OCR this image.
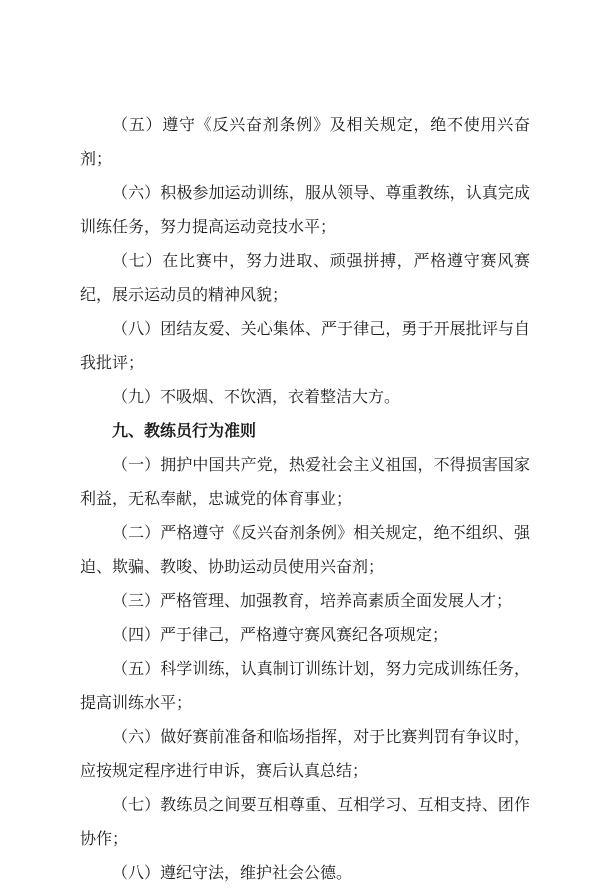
（五）遵守《反兴奋剂条例》及相关规定，绝不使用兴奋剂；

（六）积极参加运动训练，服从领导、尊重教练，认真完成训练任务，努力提高运动竞技水平；

（七）在比赛中，努力进取、顽强拼搏，严格遵守赛风赛纪，展示运动员的精神风貌；

（八）团结友爱、关心集体、严于律己，勇于开展批评与自我批评；

（九）不吸烟、不饮酒，衣着整洁大方。

九、教练员行为准则

（一）拥护中国共产党，热爱社会主义祖国，不得损害国家利益，无私奉献，忠诚党的体育事业；

（二）严格遵守《反兴奋剂条例》相关规定，绝不组织、强迫、欺骗、教唆、协助运动员使用兴奋剂；

（三）严格管理、加强教育，培养高素质全面发展人才；

（四）严于律己，严格遵守赛风赛纪各项规定；

（五）科学训练，认真制订训练计划，努力完成训练任务，提高训练水平；

（六）做好赛前准备和临场指挥，对于比赛判罚有争议时，应按规定程序进行申诉，赛后认真总结；

（七）教练员之间要互相尊重、互相学习、互相支持、团作协作；

（八）遵纪守法，维护社会公德。
